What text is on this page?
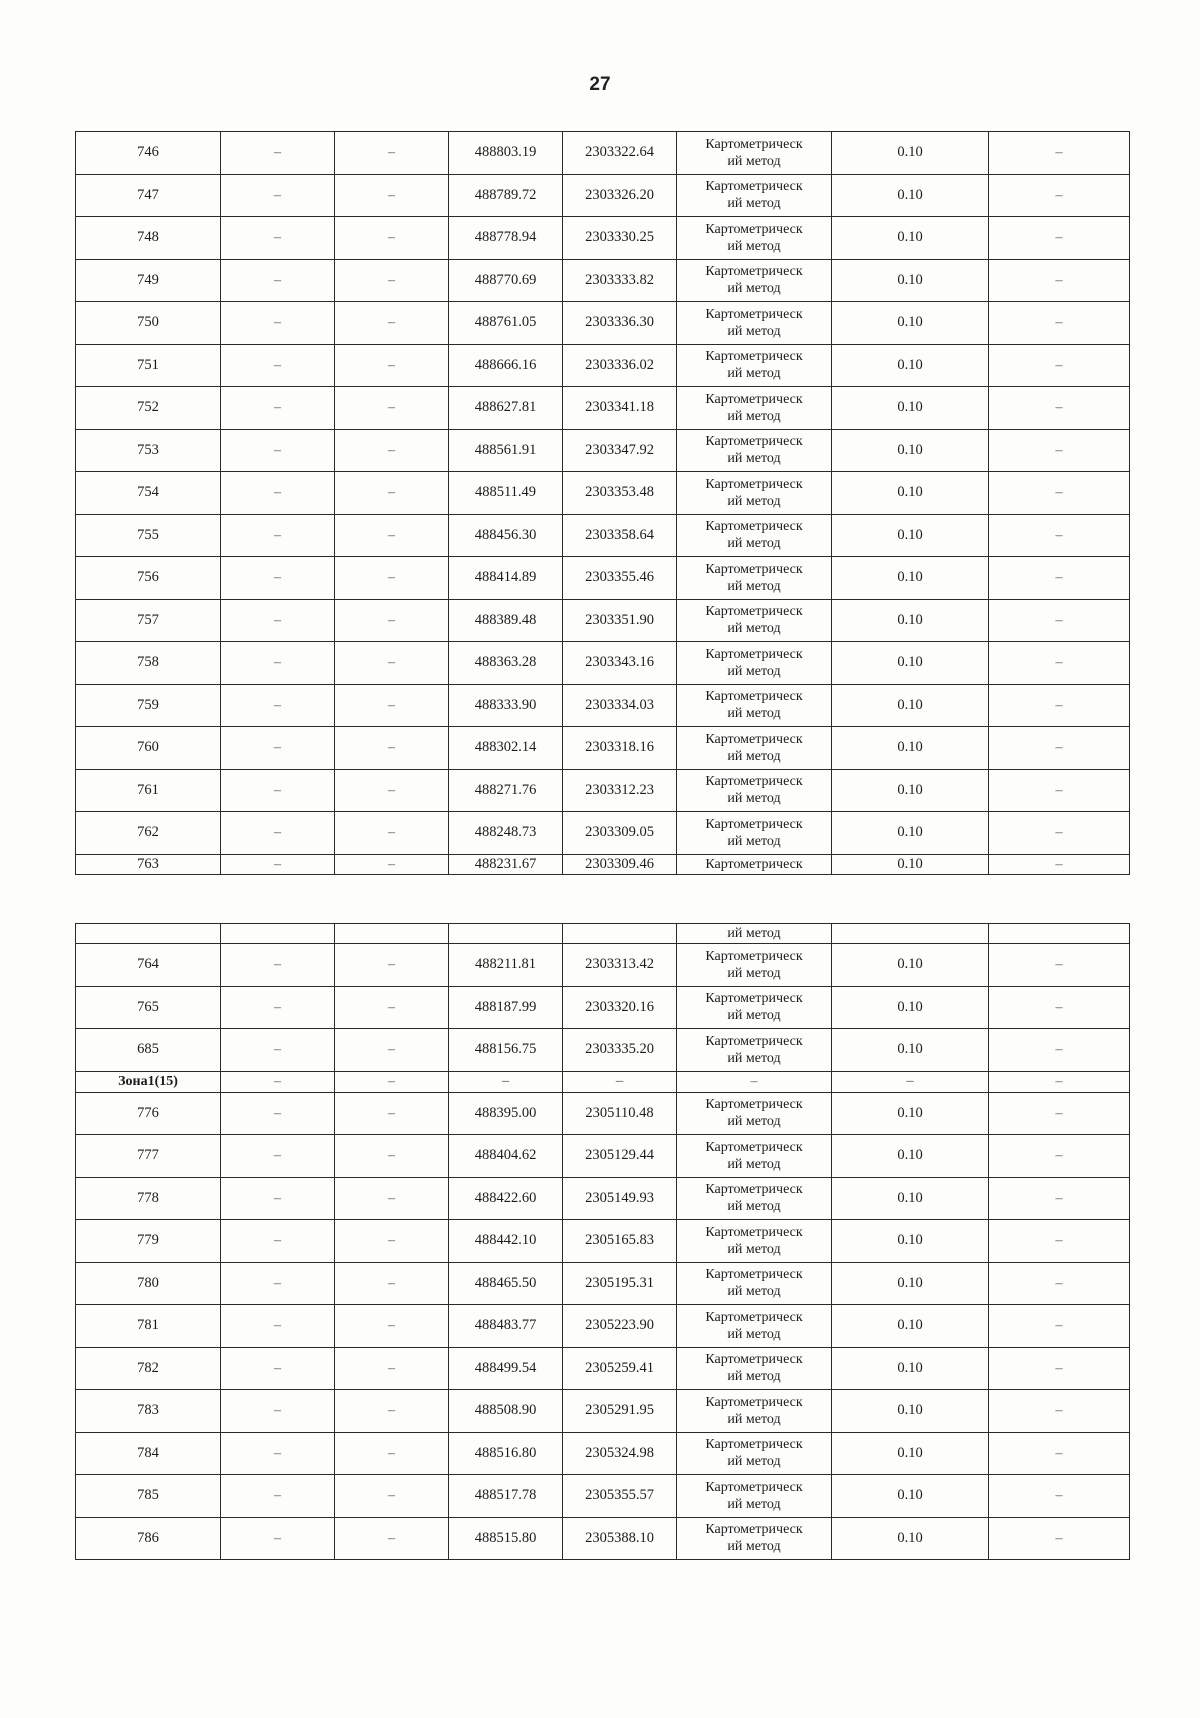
27
746	–	–	488803.19	2303322.64	Картометрическ
ий метод	0.10	–
747	–	–	488789.72	2303326.20	Картометрическ
ий метод	0.10	–
748	–	–	488778.94	2303330.25	Картометрическ
ий метод	0.10	–
749	–	–	488770.69	2303333.82	Картометрическ
ий метод	0.10	–
750	–	–	488761.05	2303336.30	Картометрическ
ий метод	0.10	–
751	–	–	488666.16	2303336.02	Картометрическ
ий метод	0.10	–
752	–	–	488627.81	2303341.18	Картометрическ
ий метод	0.10	–
753	–	–	488561.91	2303347.92	Картометрическ
ий метод	0.10	–
754	–	–	488511.49	2303353.48	Картометрическ
ий метод	0.10	–
755	–	–	488456.30	2303358.64	Картометрическ
ий метод	0.10	–
756	–	–	488414.89	2303355.46	Картометрическ
ий метод	0.10	–
757	–	–	488389.48	2303351.90	Картометрическ
ий метод	0.10	–
758	–	–	488363.28	2303343.16	Картометрическ
ий метод	0.10	–
759	–	–	488333.90	2303334.03	Картометрическ
ий метод	0.10	–
760	–	–	488302.14	2303318.16	Картометрическ
ий метод	0.10	–
761	–	–	488271.76	2303312.23	Картометрическ
ий метод	0.10	–
762	–	–	488248.73	2303309.05	Картометрическ
ий метод	0.10	–
763	–	–	488231.67	2303309.46	Картометрическ	0.10	–
					ий метод		
764	–	–	488211.81	2303313.42	Картометрическ
ий метод	0.10	–
765	–	–	488187.99	2303320.16	Картометрическ
ий метод	0.10	–
685	–	–	488156.75	2303335.20	Картометрическ
ий метод	0.10	–
Зона1(15)	–	–	–	–	–	–	–
776	–	–	488395.00	2305110.48	Картометрическ
ий метод	0.10	–
777	–	–	488404.62	2305129.44	Картометрическ
ий метод	0.10	–
778	–	–	488422.60	2305149.93	Картометрическ
ий метод	0.10	–
779	–	–	488442.10	2305165.83	Картометрическ
ий метод	0.10	–
780	–	–	488465.50	2305195.31	Картометрическ
ий метод	0.10	–
781	–	–	488483.77	2305223.90	Картометрическ
ий метод	0.10	–
782	–	–	488499.54	2305259.41	Картометрическ
ий метод	0.10	–
783	–	–	488508.90	2305291.95	Картометрическ
ий метод	0.10	–
784	–	–	488516.80	2305324.98	Картометрическ
ий метод	0.10	–
785	–	–	488517.78	2305355.57	Картометрическ
ий метод	0.10	–
786	–	–	488515.80	2305388.10	Картометрическ
ий метод	0.10	–
